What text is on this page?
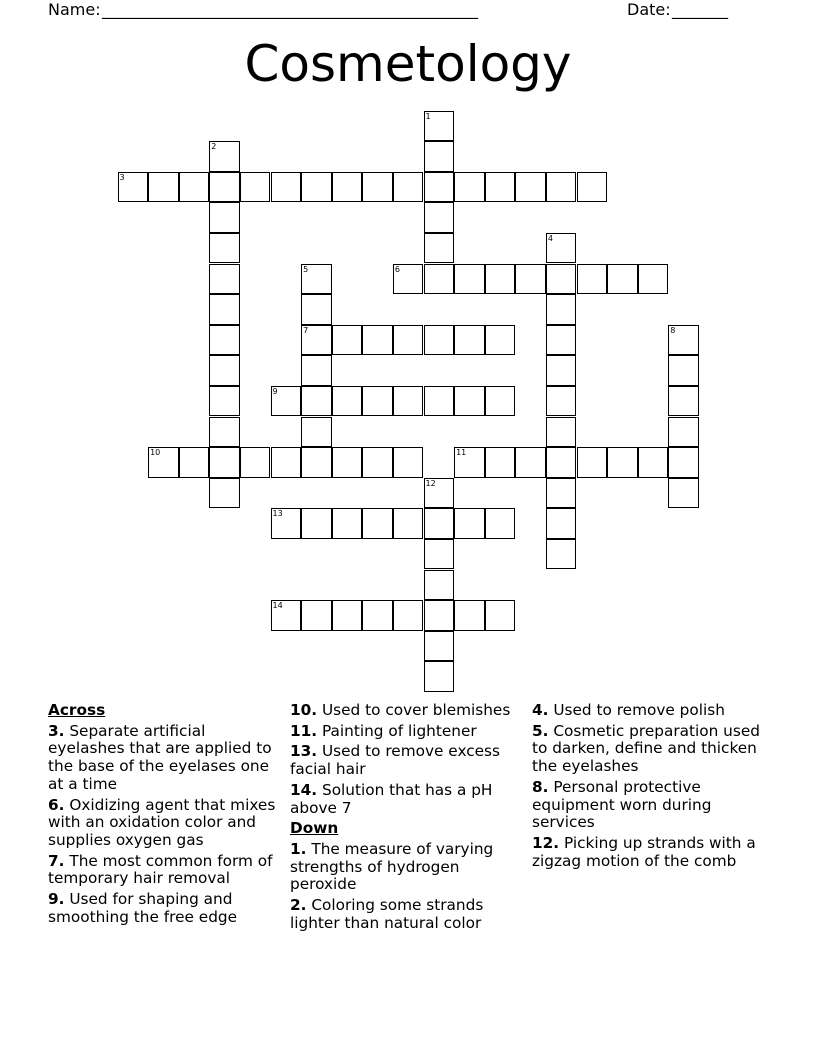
Name: _______________________________________________	Date: _______
Cosmetology
1
2
3
4
5
7
6
8
9
10	11
12
13
14
Across
3. Separate artificial eyelashes that are applied to the base of the eyelases one at a time
6. Oxidizing agent that mixes with an oxidation color and supplies oxygen gas
7. The most common form of temporary hair removal
9. Used for shaping and smoothing the free edge
10. Used to cover blemishes
11. Painting of lightener
13. Used to remove excess facial hair
14. Solution that has a pH above 7
Down
1. The measure of varying strengths of hydrogen peroxide
2. Coloring some strands lighter than natural color
4. Used to remove polish
5. Cosmetic preparation used to darken, define and thicken the eyelashes
8. Personal protective equipment worn during services
12. Picking up strands with a zigzag motion of the comb
